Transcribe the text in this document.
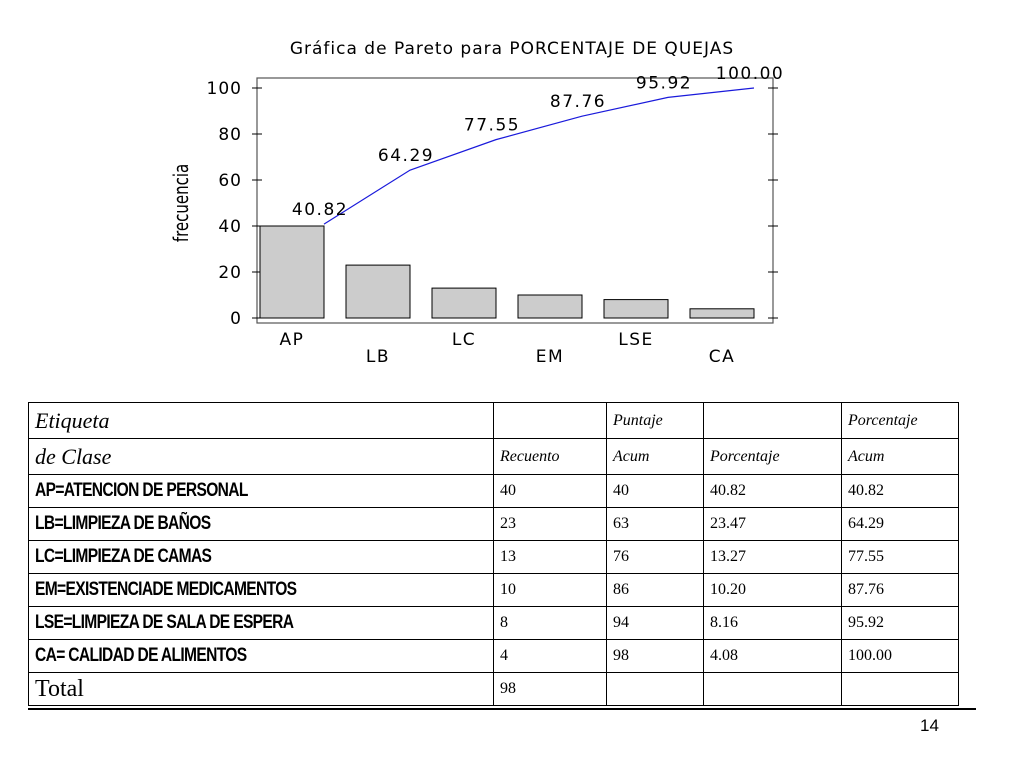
Gráfica de Pareto para PORCENTAJE DE QUEJAS
frecuencia
0
20
40
60
80
100
AP
LB
LC
EM
LSE
CA
40.82
64.29
77.55
87.76
95.92 100.00
Etiqueta		Puntaje		Porcentaje
de Clase	Recuento	Acum	Porcentaje	Acum
AP=ATENCION DE PERSONAL	40	40	40.82	40.82
LB=LIMPIEZA DE BAÑOS	23	63	23.47	64.29
LC=LIMPIEZA DE CAMAS	13	76	13.27	77.55
EM=EXISTENCIADE MEDICAMENTOS	10	86	10.20	87.76
LSE=LIMPIEZA DE SALA DE ESPERA	8	94	8.16	95.92
CA= CALIDAD DE ALIMENTOS	4	98	4.08	100.00
Total	98			
14
